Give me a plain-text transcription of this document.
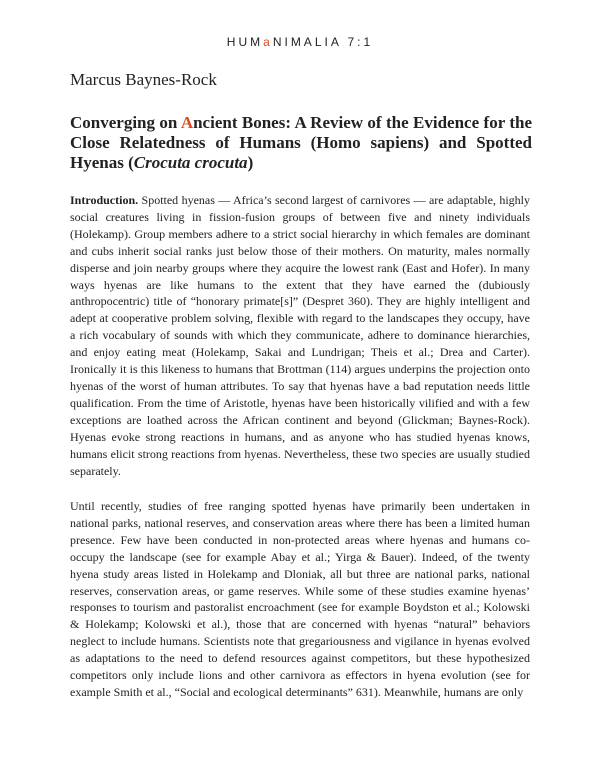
HUMaNIMALIA 7:1
Marcus Baynes-Rock
Converging on Ancient Bones: A Review of the Evidence for the Close Relatedness of Humans (Homo sapiens) and Spotted Hyenas (Crocuta crocuta)

Introduction. Spotted hyenas — Africa’s second largest of carnivores — are adaptable, highly social creatures living in fission-fusion groups of between five and ninety individuals (Holekamp). Group members adhere to a strict social hierarchy in which females are dominant and cubs inherit social ranks just below those of their mothers. On maturity, males normally disperse and join nearby groups where they acquire the lowest rank (East and Hofer). In many ways hyenas are like humans to the extent that they have earned the (dubiously anthropocentric) title of “honorary primate[s]” (Despret 360). They are highly intelligent and adept at cooperative problem solving, flexible with regard to the landscapes they occupy, have a rich vocabulary of sounds with which they communicate, adhere to dominance hierarchies, and enjoy eating meat (Holekamp, Sakai and Lundrigan; Theis et al.; Drea and Carter). Ironically it is this likeness to humans that Brottman (114) argues underpins the projection onto hyenas of the worst of human attributes. To say that hyenas have a bad reputation needs little qualification. From the time of Aristotle, hyenas have been historically vilified and with a few exceptions are loathed across the African continent and beyond (Glickman; Baynes-Rock). Hyenas evoke strong reactions in humans, and as anyone who has studied hyenas knows, humans elicit strong reactions from hyenas. Nevertheless, these two species are usually studied separately.

Until recently, studies of free ranging spotted hyenas have primarily been undertaken in national parks, national reserves, and conservation areas where there has been a limited human presence. Few have been conducted in non-protected areas where hyenas and humans co-occupy the landscape (see for example Abay et al.; Yirga & Bauer). Indeed, of the twenty hyena study areas listed in Holekamp and Dloniak, all but three are national parks, national reserves, conservation areas, or game reserves. While some of these studies examine hyenas’ responses to tourism and pastoralist encroachment (see for example Boydston et al.; Kolowski & Holekamp; Kolowski et al.), those that are concerned with hyenas “natural” behaviors neglect to include humans. Scientists note that gregariousness and vigilance in hyenas evolved as adaptations to the need to defend resources against competitors, but these hypothesized competitors only include lions and other carnivora as effectors in hyena evolution (see for example Smith et al., “Social and ecological determinants” 631). Meanwhile, humans are only
